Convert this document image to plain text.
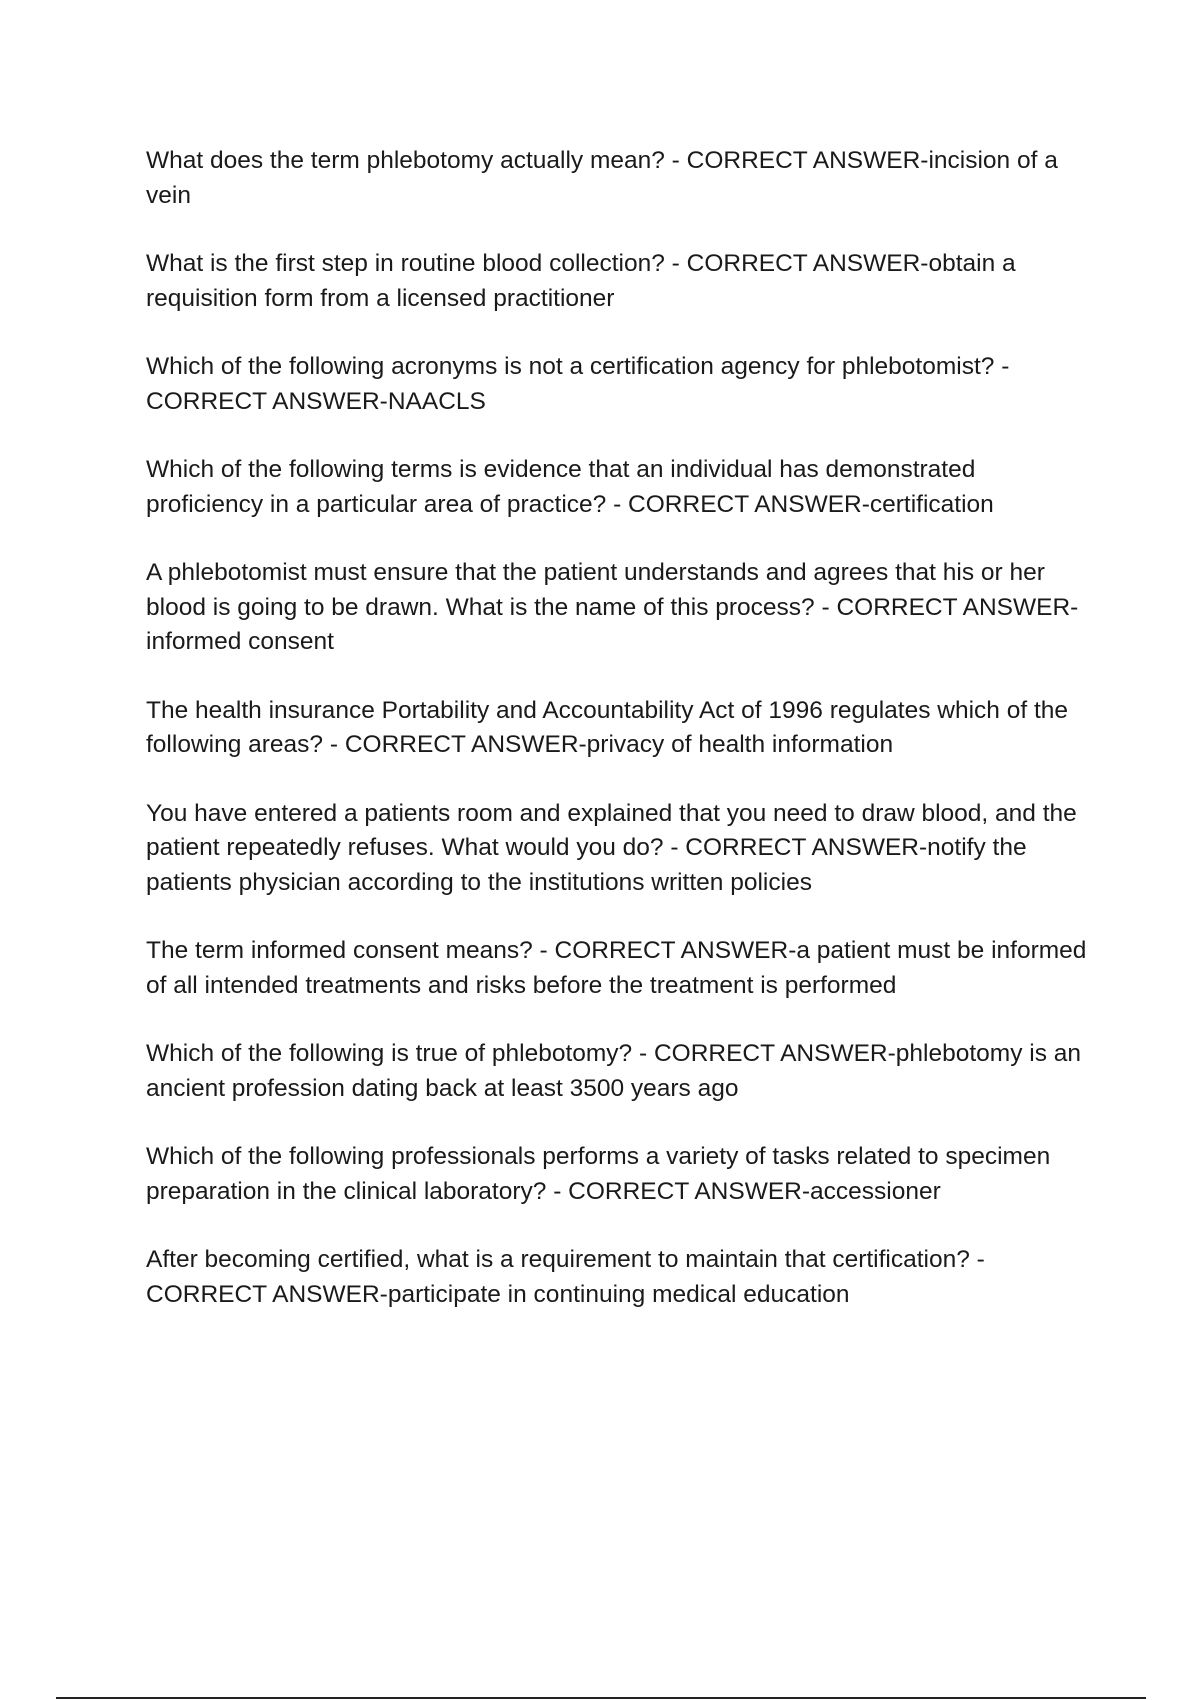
What does the term phlebotomy actually mean? - CORRECT ANSWER-incision of a vein

What is the first step in routine blood collection? - CORRECT ANSWER-obtain a requisition form from a licensed practitioner

Which of the following acronyms is not a certification agency for phlebotomist? - CORRECT ANSWER-NAACLS

Which of the following terms is evidence that an individual has demonstrated proficiency in a particular area of practice? - CORRECT ANSWER-certification

A phlebotomist must ensure that the patient understands and agrees that his or her blood is going to be drawn. What is the name of this process? - CORRECT ANSWER-informed consent

The health insurance Portability and Accountability Act of 1996 regulates which of the following areas? - CORRECT ANSWER-privacy of health information

You have entered a patients room and explained that you need to draw blood, and the patient repeatedly refuses. What would you do? - CORRECT ANSWER-notify the patients physician according to the institutions written policies

The term informed consent means? - CORRECT ANSWER-a patient must be informed of all intended treatments and risks before the treatment is performed

Which of the following is true of phlebotomy? - CORRECT ANSWER-phlebotomy is an ancient profession dating back at least 3500 years ago

Which of the following professionals performs a variety of tasks related to specimen preparation in the clinical laboratory? - CORRECT ANSWER-accessioner

After becoming certified, what is a requirement to maintain that certification? - CORRECT ANSWER-participate in continuing medical education
